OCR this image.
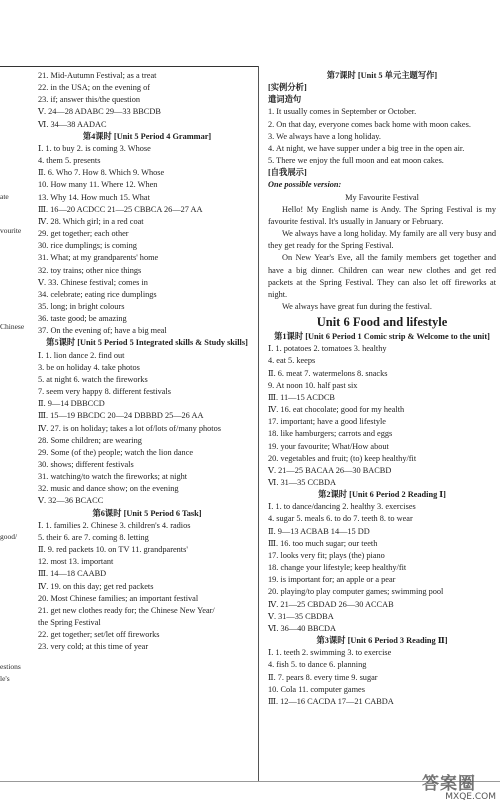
ate
vourite
Chinese
good/
estions
le's
21. Mid-Autumn Festival; as a treat
22. in the USA; on the evening of
23. if; answer this/the question
Ⅴ. 24—28 ADABC 29—33 BBCDB
Ⅵ. 34—38 AADAC
第4课时 [Unit 5 Period 4 Grammar]
Ⅰ. 1. to buy 2. is coming 3. Whose
4. them 5. presents
Ⅱ. 6. Who 7. How 8. Which 9. Whose
10. How many 11. Where 12. When
13. Why 14. How much 15. What
Ⅲ. 16—20 ACDCC 21—25 CBBCA 26—27 AA
Ⅳ. 28. Which girl; in a red coat
29. get together; each other
30. rice dumplings; is coming
31. What; at my grandparents' home
32. toy trains; other nice things
Ⅴ. 33. Chinese festival; comes in
34. celebrate; eating rice dumplings
35. long; in bright colours
36. taste good; be amazing
37. On the evening of; have a big meal
第5课时 [Unit 5 Period 5 Integrated skills & Study skills]
Ⅰ. 1. lion dance 2. find out
3. be on holiday 4. take photos
5. at night 6. watch the fireworks
7. seem very happy 8. different festivals
Ⅱ. 9—14 DBBCCD
Ⅲ. 15—19 BBCDC 20—24 DBBBD 25—26 AA
Ⅳ. 27. is on holiday; takes a lot of/lots of/many photos
28. Some children; are wearing
29. Some (of the) people; watch the lion dance
30. shows; different festivals
31. watching/to watch the fireworks; at night
32. music and dance show; on the evening
Ⅴ. 32—36 BCACC
第6课时 [Unit 5 Period 6 Task]
Ⅰ. 1. families 2. Chinese 3. children's 4. radios
5. their 6. are 7. coming 8. letting
Ⅱ. 9. red packets 10. on TV 11. grandparents'
12. most 13. important
Ⅲ. 14—18 CAABD
Ⅳ. 19. on this day; get red packets
20. Most Chinese families; an important festival
21. get new clothes ready for; the Chinese New Year/
the Spring Festival
22. get together; set/let off fireworks
23. very cold; at this time of year
第7课时 [Unit 5 单元主题写作]
[实例分析]
遣词造句
1. It usually comes in September or October.
2. On that day, everyone comes back home with moon cakes.
3. We always have a long holiday.
4. At night, we have supper under a big tree in the open air.
5. There we enjoy the full moon and eat moon cakes.
[自我展示]
One possible version:
My Favourite Festival
Hello! My English name is Andy. The Spring Festival is my favourite festival. It's usually in January or February.
We always have a long holiday. My family are all very busy and they get ready for the Spring Festival.
On New Year's Eve, all the family members get together and have a big dinner. Children can wear new clothes and get red packets at the Spring Festival. They can also let off fireworks at night.
We always have great fun during the festival.
Unit 6 Food and lifestyle
第1课时 [Unit 6 Period 1 Comic strip & Welcome to the unit]
Ⅰ. 1. potatoes 2. tomatoes 3. healthy
4. eat 5. keeps
Ⅱ. 6. meat 7. watermelons 8. snacks
9. At noon 10. half past six
Ⅲ. 11—15 ACDCB
Ⅳ. 16. eat chocolate; good for my health
17. important; have a good lifestyle
18. like hamburgers; carrots and eggs
19. your favourite; What/How about
20. vegetables and fruit; (to) keep healthy/fit
Ⅴ. 21—25 BACAA 26—30 BACBD
Ⅵ. 31—35 CCBDA
第2课时 [Unit 6 Period 2 Reading Ⅰ]
Ⅰ. 1. to dance/dancing 2. healthy 3. exercises
4. sugar 5. meals 6. to do 7. teeth 8. to wear
Ⅱ. 9—13 ACBAB 14—15 DD
Ⅲ. 16. too much sugar; our teeth
17. looks very fit; plays (the) piano
18. change your lifestyle; keep healthy/fit
19. is important for; an apple or a pear
20. playing/to play computer games; swimming pool
Ⅳ. 21—25 CBDAD 26—30 ACCAB
Ⅴ. 31—35 CBDBA
Ⅵ. 36—40 BBCDA
第3课时 [Unit 6 Period 3 Reading Ⅱ]
Ⅰ. 1. teeth 2. swimming 3. to exercise
4. fish 5. to dance 6. planning
Ⅱ. 7. pears 8. every time 9. sugar
10. Cola 11. computer games
Ⅲ. 12—16 CACDA 17—21 CABDA
答案圈
MXQE.COM
